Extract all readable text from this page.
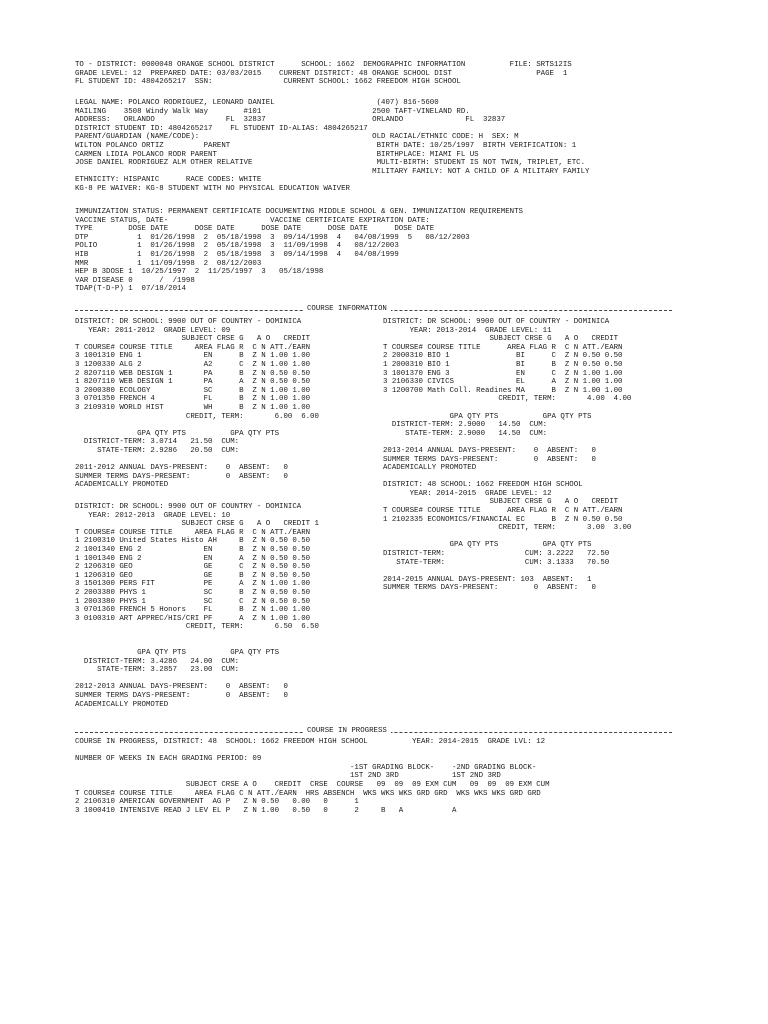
TO - DISTRICT: 0000048 ORANGE SCHOOL DISTRICT      SCHOOL: 1662  DEMOGRAPHIC INFORMATION          FILE: SRTS12IS
GRADE LEVEL: 12  PREPARED DATE: 03/03/2015    CURRENT DISTRICT: 48 ORANGE SCHOOL DIST                   PAGE  1
FL STUDENT ID: 4804265217  SSN:                CURRENT SCHOOL: 1662 FREEDOM HIGH SCHOOL
LEGAL NAME: POLANCO RODRIGUEZ, LEONARD DANIEL                       (407) 816-5600
MAILING    3508 Windy Walk Way        #101                         2500 TAFT-VINELAND RD.
ADDRESS:   ORLANDO                FL  32837                        ORLANDO              FL  32837
DISTRICT STUDENT ID: 4804265217    FL STUDENT ID-ALIAS: 4804265217
PARENT/GUARDIAN (NAME/CODE):                                       OLD RACIAL/ETHNIC CODE: H  SEX: M
WILTON POLANCO ORTIZ         PARENT                                 BIRTH DATE: 10/25/1997  BIRTH VERIFICATION: 1
CARMEN LIDIA POLANCO RODR PARENT                                    BIRTHPLACE: MIAMI FL US
JOSE DANIEL RODRIGUEZ ALM OTHER RELATIVE                            MULTI-BIRTH: STUDENT IS NOT TWIN, TRIPLET, ETC.
MILITARY FAMILY: NOT A CHILD OF A MILITARY FAMILY
ETHNICITY: HISPANIC      RACE CODES: WHITE
KG-8 PE WAIVER: KG-8 STUDENT WITH NO PHYSICAL EDUCATION WAIVER
IMMUNIZATION STATUS: PERMANENT CERTIFICATE DOCUMENTING MIDDLE SCHOOL & GEN. IMMUNIZATION REQUIREMENTS
VACCINE STATUS, DATE-                       VACCINE CERTIFICATE EXPIRATION DATE:
TYPE        DOSE DATE      DOSE DATE      DOSE DATE      DOSE DATE      DOSE DATE
DTP           1  01/26/1998  2  05/18/1998  3  09/14/1998  4   04/08/1999  5   08/12/2003
POLIO         1  01/26/1998  2  05/18/1998  3  11/09/1998  4   08/12/2003
HIB           1  01/26/1998  2  05/18/1998  3  09/14/1998  4   04/08/1999
MMR           1  11/09/1998  2  08/12/2003
HEP B 3DOSE 1  10/25/1997  2  11/25/1997  3   05/18/1998
VAR DISEASE 0      /  /1998
TDAP(T-D-P) 1  07/18/2014
COURSE INFORMATION
DISTRICT: DR SCHOOL: 9900 OUT OF COUNTRY - DOMINICA
YEAR: 2011-2012  GRADE LEVEL: 09
SUBJECT CRSE G   A O   CREDIT
T COURSE# COURSE TITLE     AREA FLAG R  C N ATT./EARN
3 1001310 ENG 1              EN      B  Z N 1.00 1.00
3 1200330 ALG 2              A2      C  Z N 1.00 1.00
2 8207110 WEB DESIGN 1       PA      B  Z N 0.50 0.50
1 8207110 WEB DESIGN 1       PA      A  Z N 0.50 0.50
3 2000380 ECOLOGY            SC      B  Z N 1.00 1.00
3 0701350 FRENCH 4           FL      B  Z N 1.00 1.00
3 2109310 WORLD HIST         WH      B  Z N 1.00 1.00
CREDIT, TERM:       6.00  6.00

GPA QTY PTS          GPA QTY PTS
DISTRICT-TERM: 3.0714   21.50  CUM:
STATE-TERM: 2.9286   20.50  CUM:

2011-2012 ANNUAL DAYS-PRESENT:    0  ABSENT:   0
SUMMER TERMS DAYS-PRESENT:        0  ABSENT:   0
ACADEMICALLY PROMOTED
DISTRICT: DR SCHOOL: 9900 OUT OF COUNTRY - DOMINICA
YEAR: 2013-2014  GRADE LEVEL: 11
SUBJECT CRSE G   A O   CREDIT
T COURSE# COURSE TITLE      AREA FLAG R  C N ATT./EARN
2 2000310 BIO 1               BI      C  Z N 0.50 0.50
1 2000310 BIO 1               BI      B  Z N 0.50 0.50
3 1001370 ENG 3               EN      C  Z N 1.00 1.00
3 2106330 CIVICS              EL      A  Z N 1.00 1.00
3 1200700 Math Coll. Readines MA      B  Z N 1.00 1.00
CREDIT, TERM:       4.00  4.00

GPA QTY PTS          GPA QTY PTS
DISTRICT-TERM: 2.9000   14.50  CUM:
STATE-TERM: 2.9000   14.50  CUM:

2013-2014 ANNUAL DAYS-PRESENT:    0  ABSENT:   0
SUMMER TERMS DAYS-PRESENT:        0  ABSENT:   0
ACADEMICALLY PROMOTED

DISTRICT: 48 SCHOOL: 1662 FREEDOM HIGH SCHOOL
YEAR: 2014-2015  GRADE LEVEL: 12
SUBJECT CRSE G   A O   CREDIT
T COURSE# COURSE TITLE      AREA FLAG R  C N ATT./EARN
1 2102335 ECONOMICS/FINANCIAL EC      B  Z N 0.50 0.50
CREDIT, TERM:       3.00  3.00

GPA QTY PTS          GPA QTY PTS
DISTRICT-TERM:                  CUM: 3.2222   72.50
STATE-TERM:                  CUM: 3.1333   70.50

2014-2015 ANNUAL DAYS-PRESENT: 103  ABSENT:   1
SUMMER TERMS DAYS-PRESENT:        0  ABSENT:   0
DISTRICT: DR SCHOOL: 9900 OUT OF COUNTRY - DOMINICA
YEAR: 2012-2013  GRADE LEVEL: 10
SUBJECT CRSE G   A O   CREDIT 1
T COURSE# COURSE TITLE     AREA FLAG R  C N ATT./EARN
1 2100310 United States Histo AH     B  Z N 0.50 0.50
2 1001340 ENG 2              EN      B  Z N 0.50 0.50
1 1001340 ENG 2              EN      A  Z N 0.50 0.50
2 1206310 GEO                GE      C  Z N 0.50 0.50
1 1206310 GEO                GE      B  Z N 0.50 0.50
3 1501300 PERS FIT           PE      A  Z N 1.00 1.00
2 2003380 PHYS 1             SC      B  Z N 0.50 0.50
1 2003380 PHYS 1             SC      C  Z N 0.50 0.50
3 0701360 FRENCH 5 Honors    FL      B  Z N 1.00 1.00
3 0100310 ART APPREC/HIS/CRI PF      A  Z N 1.00 1.00
CREDIT, TERM:       6.50  6.50

GPA QTY PTS          GPA QTY PTS
DISTRICT-TERM: 3.4286   24.00  CUM:
STATE-TERM: 3.2857   23.00  CUM:

2012-2013 ANNUAL DAYS-PRESENT:    0  ABSENT:   0
SUMMER TERMS DAYS-PRESENT:        0  ABSENT:   0
ACADEMICALLY PROMOTED
COURSE IN PROGRESS
COURSE IN PROGRESS, DISTRICT: 48  SCHOOL: 1662 FREEDOM HIGH SCHOOL          YEAR: 2014-2015  GRADE LVL: 12

NUMBER OF WEEKS IN EACH GRADING PERIOD: 09
-1ST GRADING BLOCK-    -2ND GRADING BLOCK-
1ST 2ND 3RD            1ST 2ND 3RD
SUBJECT CRSE A O    CREDIT  CRSE  COURSE   09  09  09 EXM CUM   09  09  09 EXM CUM
T COURSE# COURSE TITLE     AREA FLAG C N ATT./EARN  HRS ABSENCH  WKS WKS WKS GRD GRD  WKS WKS WKS GRD GRD
2 2106310 AMERICAN GOVERNMENT  AG P   Z N 0.50   0.00   0      1
3 1000410 INTENSIVE READ J LEV EL P   Z N 1.00   0.50   0      2     B   A           A
